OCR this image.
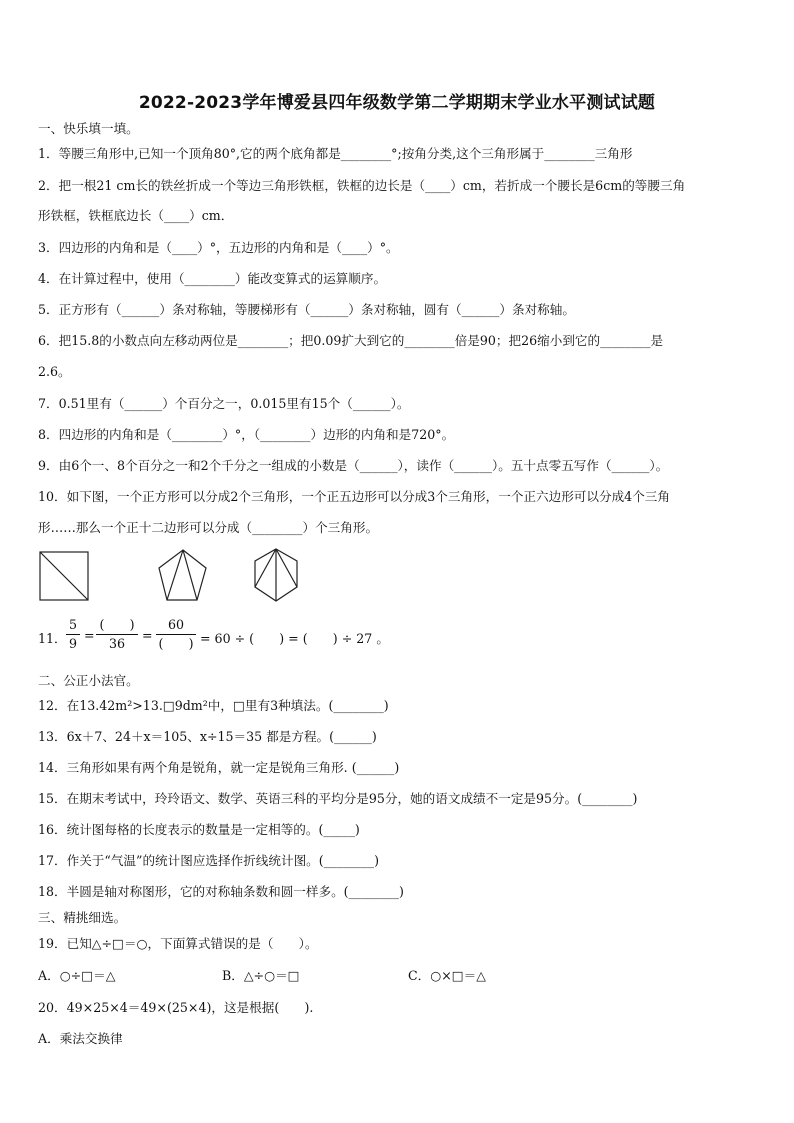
2022-2023学年博爱县四年级数学第二学期期末学业水平测试试题
一、快乐填一填。
1．等腰三角形中,已知一个顶角80°,它的两个底角都是________°;按角分类,这个三角形属于________三角形
2．把一根21 cm长的铁丝折成一个等边三角形铁框，铁框的边长是（____）cm，若折成一个腰长是6cm的等腰三角
形铁框，铁框底边长（____）cm．
3．四边形的内角和是（____）°，五边形的内角和是（____）°。
4．在计算过程中，使用（________）能改变算式的运算顺序。
5．正方形有（______）条对称轴，等腰梯形有（______）条对称轴，圆有（______）条对称轴。
6．把15.8的小数点向左移动两位是________；把0.09扩大到它的________倍是90；把26缩小到它的________是
2.6。
7．0.51里有（______）个百分之一，0.015里有15个（______）。
8．四边形的内角和是（________）°，（________）边形的内角和是720°。
9．由6个一、8个百分之一和2个千分之一组成的小数是（______），读作（______）。五十点零五写作（______）。
10．如下图，一个正方形可以分成2个三角形，一个正五边形可以分成3个三角形，一个正六边形可以分成4个三角
形……那么一个正十二边形可以分成（________）个三角形。
11．
5
9
=
(　　)
36
=
60
(　　) = 60 ÷ (　　) = (　　) ÷ 27 。
二、公正小法官。
12．在13.42m²>13.□9dm²中，□里有3种填法。(________)
13．6x＋7、24＋x＝105、x÷15＝35 都是方程。(______)
14．三角形如果有两个角是锐角，就一定是锐角三角形. (______)
15．在期末考试中，玲玲语文、数学、英语三科的平均分是95分，她的语文成绩不一定是95分。(________)
16．统计图每格的长度表示的数量是一定相等的。(_____)
17．作关于“气温”的统计图应选择作折线统计图。(________)
18．半圆是轴对称图形，它的对称轴条数和圆一样多。(________)
三、精挑细选。
19．已知△÷□＝○，下面算式错误的是（　　）。
A．○÷□＝△	B．△÷○＝□	C．○×□＝△
20．49×25×4＝49×(25×4)，这是根据(　　).
A．乘法交换律
